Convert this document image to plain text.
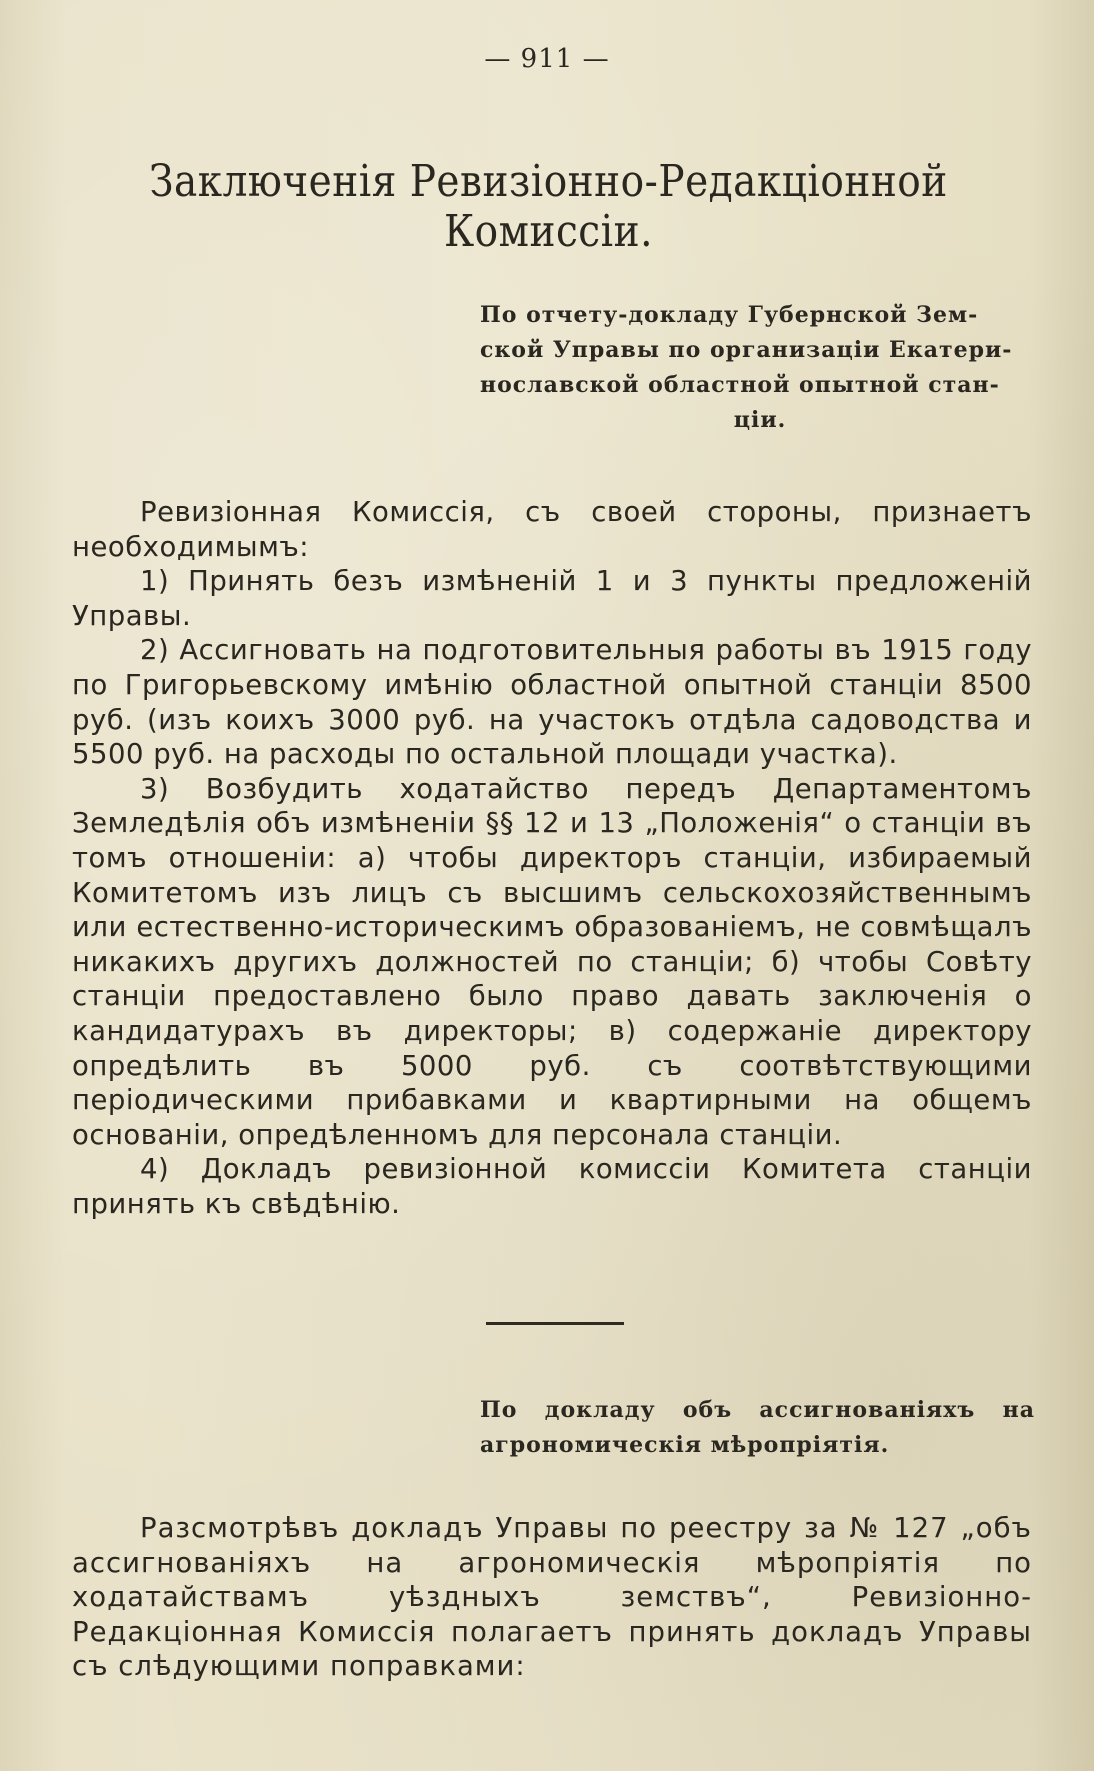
— 911 —
Заключенія Ревизіонно-Редакціонной Комиссіи.
По отчету-докладу Губернской Зем-
ской Управы по организаціи Екатери-
нославской областной опытной стан-
ціи.

Ревизіонная Комиссія, съ своей стороны, признаетъ необходимымъ:

1) Принять безъ измѣненій 1 и 3 пункты предложеній Управы.

2) Ассигновать на подготовительныя работы въ 1915 году по Григорьевскому имѣнію областной опытной станціи 8500 руб. (изъ коихъ 3000 руб. на участокъ отдѣла садоводства и 5500 руб. на расходы по остальной площади участка).

3) Возбудить ходатайство передъ Департаментомъ Земледѣлія объ измѣненіи §§ 12 и 13 „Положенія“ о станціи въ томъ отношеніи: а) чтобы директоръ станціи, избираемый Комитетомъ изъ лицъ съ высшимъ сельскохозяйственнымъ или естественно-историческимъ образованіемъ, не совмѣщалъ никакихъ другихъ должностей по станціи; б) чтобы Совѣту станціи предоставлено было право давать заключенія о кандидатурахъ въ директоры; в) содержаніе директору опредѣлить въ 5000 руб. съ соотвѣтствующими періодическими прибавками и квартирными на общемъ основаніи, опредѣленномъ для персонала станціи.

4) Докладъ ревизіонной комиссіи Комитета станціи принять къ свѣдѣнію.

По докладу объ ассигнованіяхъ на агрономическія мѣропріятія.

Разсмотрѣвъ докладъ Управы по реестру за № 127 „объ ассигнованіяхъ на агрономическія мѣропріятія по ходатайствамъ уѣздныхъ земствъ“, Ревизіонно-Редакціонная Комиссія полагаетъ принять докладъ Управы съ слѣдующими поправками:
